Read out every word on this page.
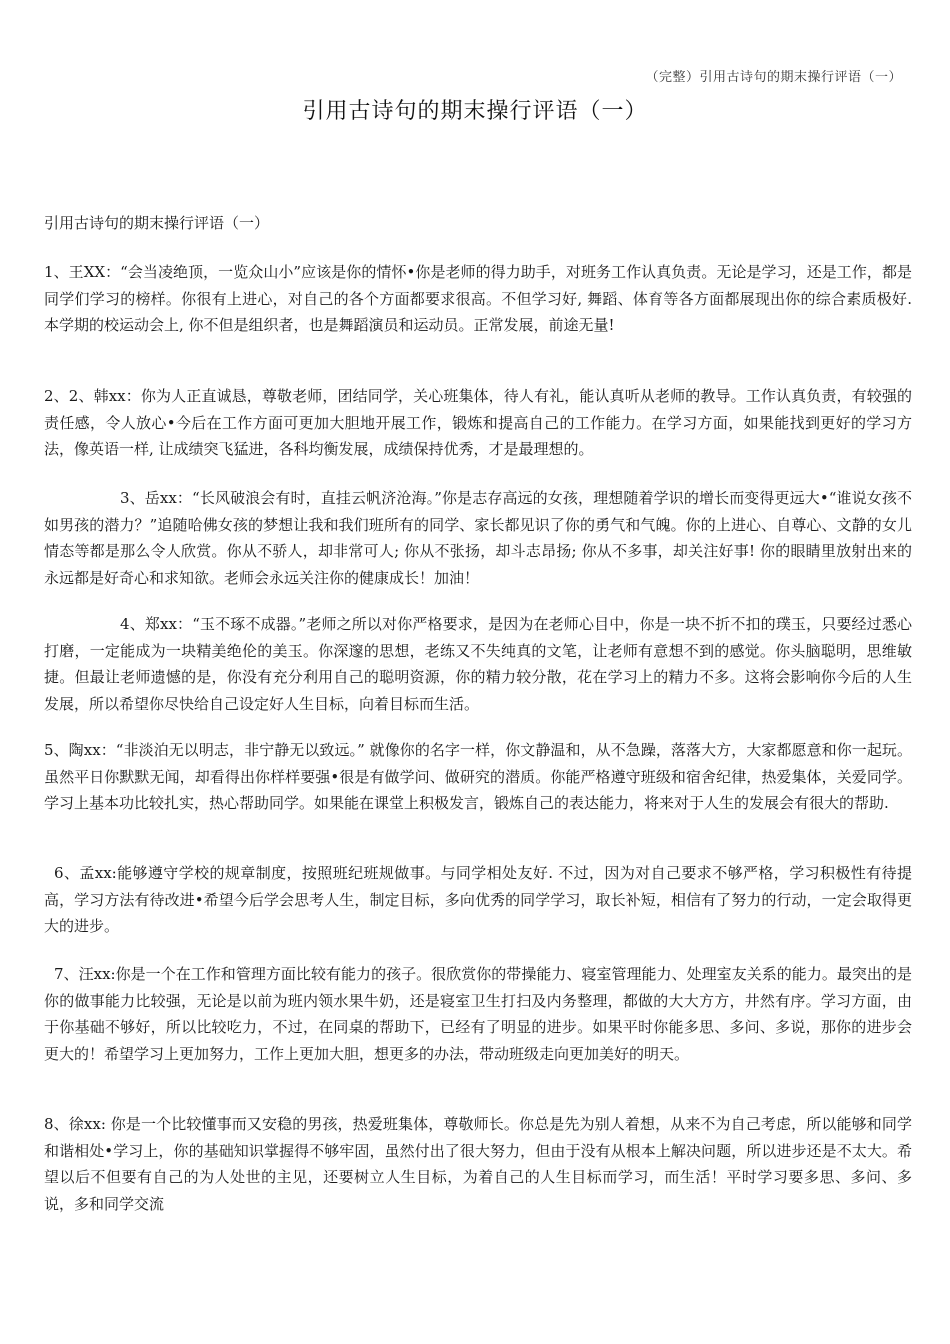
（完整）引用古诗句的期末操行评语（一）
引用古诗句的期末操行评语（一）
引用古诗句的期末操行评语（一）

1、王XX：“会当凌绝顶，一览众山小”应该是你的情怀•你是老师的得力助手，对班务工作认真负责。无论是学习，还是工作，都是同学们学习的榜样。你很有上进心，对自己的各个方面都要求很高。不但学习好, 舞蹈、体育等各方面都展现出你的综合素质极好. 本学期的校运动会上, 你不但是组织者，也是舞蹈演员和运动员。正常发展，前途无量!

2、2、韩xx：你为人正直诚恳，尊敬老师，团结同学，关心班集体，待人有礼，能认真听从老师的教导。工作认真负责，有较强的责任感，令人放心•今后在工作方面可更加大胆地开展工作，锻炼和提高自己的工作能力。在学习方面，如果能找到更好的学习方法，像英语一样, 让成绩突飞猛进，各科均衡发展，成绩保持优秀，才是最理想的。

3、岳xx：“长风破浪会有时，直挂云帆济沧海。”你是志存高远的女孩，理想随着学识的增长而变得更远大•“谁说女孩不如男孩的潜力？”追随哈佛女孩的梦想让我和我们班所有的同学、家长都见识了你的勇气和气魄。你的上进心、自尊心、文静的女儿情态等都是那么令人欣赏。你从不骄人，却非常可人; 你从不张扬，却斗志昂扬; 你从不多事，却关注好事! 你的眼睛里放射出来的永远都是好奇心和求知欲。老师会永远关注你的健康成长！加油！

4、郑xx：“玉不琢不成器。”老师之所以对你严格要求，是因为在老师心目中，你是一块不折不扣的璞玉，只要经过悉心打磨，一定能成为一块精美绝伦的美玉。你深邃的思想，老练又不失纯真的文笔，让老师有意想不到的感觉。你头脑聪明，思维敏捷。但最让老师遗憾的是，你没有充分利用自己的聪明资源，你的精力较分散，花在学习上的精力不多。这将会影响你今后的人生发展，所以希望你尽快给自己设定好人生目标，向着目标而生活。

5、陶xx：“非淡泊无以明志，非宁静无以致远。” 就像你的名字一样，你文静温和，从不急躁，落落大方，大家都愿意和你一起玩。虽然平日你默默无闻，却看得出你样样要强•很是有做学问、做研究的潜质。你能严格遵守班级和宿舍纪律，热爱集体，关爱同学。学习上基本功比较扎实，热心帮助同学。如果能在课堂上积极发言，锻炼自己的表达能力，将来对于人生的发展会有很大的帮助.

6、孟xx:能够遵守学校的规章制度，按照班纪班规做事。与同学相处友好. 不过，因为对自己要求不够严格，学习积极性有待提高，学习方法有待改进•希望今后学会思考人生，制定目标，多向优秀的同学学习，取长补短，相信有了努力的行动，一定会取得更大的进步。

7、汪xx:你是一个在工作和管理方面比较有能力的孩子。很欣赏你的带操能力、寝室管理能力、处理室友关系的能力。最突出的是你的做事能力比较强，无论是以前为班内领水果牛奶，还是寝室卫生打扫及内务整理，都做的大大方方，井然有序。学习方面，由于你基础不够好，所以比较吃力，不过，在同桌的帮助下，已经有了明显的进步。如果平时你能多思、多问、多说，那你的进步会更大的！希望学习上更加努力，工作上更加大胆，想更多的办法，带动班级走向更加美好的明天。

8、徐xx: 你是一个比较懂事而又安稳的男孩，热爱班集体，尊敬师长。你总是先为别人着想，从来不为自己考虑，所以能够和同学和谐相处•学习上，你的基础知识掌握得不够牢固，虽然付出了很大努力，但由于没有从根本上解决问题，所以进步还是不太大。希望以后不但要有自己的为人处世的主见，还要树立人生目标，为着自己的人生目标而学习，而生活！平时学习要多思、多问、多说，多和同学交流
